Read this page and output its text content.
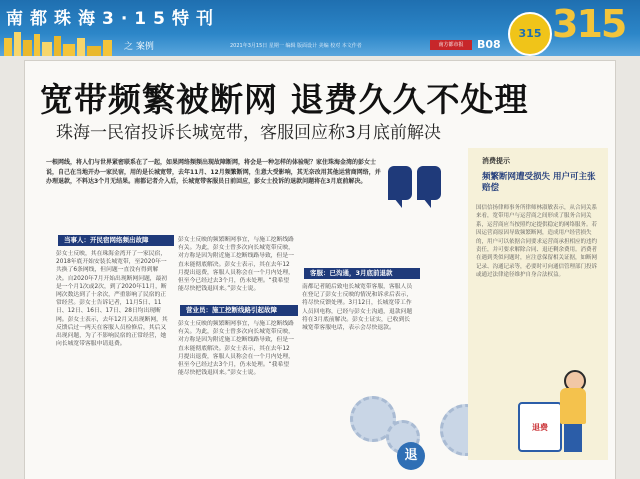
南都珠海3·15特刊
之 案例	2021年3月15日 星期一 编辑 版面设计 美编 校对 本文作者	南方都市报	B08
315 315
宽带频繁被断网 退费久久不处理
珠海一民宿投诉长城宽带，客服回应称3月底前解决
一根网线，将人们与世界紧密联系在了一起，如果网络频频出现故障断网，将会是一种怎样的体验呢？家住珠海金湾的彭女士说，自己在当地开办一家民宿，用的是长城宽带，去年11月、12月频繁断网，生意大受影响，其无奈改用其他运营商网络，并办理退款，不料达3个月无结果。南都记者介入后，长城宽带客服员日前回应，彭女士投诉的退款问题将在3月底前解决。
当事人：开民宿网络频出故障
彭女士反映，其在珠海金湾开了一家民宿，2018年底开始安装长城宽带，至2020年一共换了6条网线，但问题一直没有得到解决。自2020年7月开始出现断网问题，最初是一个月1次或2次，到了2020年11月，断网次数达到了十余次，严重影响了民宿的正常经营。彭女士告诉记者，11月5日、11日、12日、16日、17日、28日均出现断网。彭女士表示，去年12月又出现断网，其反馈后过一两天在客服人员检修后，其后又出现问题，为了不影响民宿的正常经营，她向长城宽带客服申请退费。
营业员：施工挖断线路引起故障
彭女士反映的频繁断网事宜，与施工挖断线路有关。为此，彭女士曾多次向长城宽带反映，对方称是因为附近施工挖断线路导致，但是一直未能彻底解决。彭女士表示，其在去年12月提出退费，客服人员称会在一个月内处理，但至今已经过去3个月，仍未处理。“我希望能尽快把钱退回来。”彭女士说。
彭女士反映的频繁断网事宜，与施工挖断线路有关。为此，彭女士曾多次向长城宽带反映，对方称是因为附近施工挖断线路导致，但是一直未能彻底解决。彭女士表示，其在去年12月提出退费，客服人员称会在一个月内处理，但至今已经过去3个月，仍未处理。“我希望能尽快把钱退回来。”彭女士说。
客服：已沟通，3月底前退款
南都记者随后致电长城宽带客服，客服人员在登记了彭女士反映的情况和诉求后表示，将尽快反馈处理。3月12日，长城宽带工作人员回电称，已经与彭女士沟通，退款问题将在3月底前解决。彭女士证实，已收到长城宽带客服电话，表示会尽快退款。
退
消费提示
频繁断网遭受损失 用户可主张赔偿
国信信扬律师事务所律师林淑敏表示，从合同关系来看，宽带用户与运营商之间形成了服务合同关系，运营商应当按照约定提供稳定的网络服务。若因运营商原因导致频繁断网，造成用户经营损失的，用户可以依据合同要求运营商承担相应的违约责任，并可要求解除合同、退还剩余费用。消费者在遇到类似问题时，应注意保留相关证据，如断网记录、沟通记录等，必要时可向通信管理部门投诉或通过法律途径维护自身合法权益。
退费
